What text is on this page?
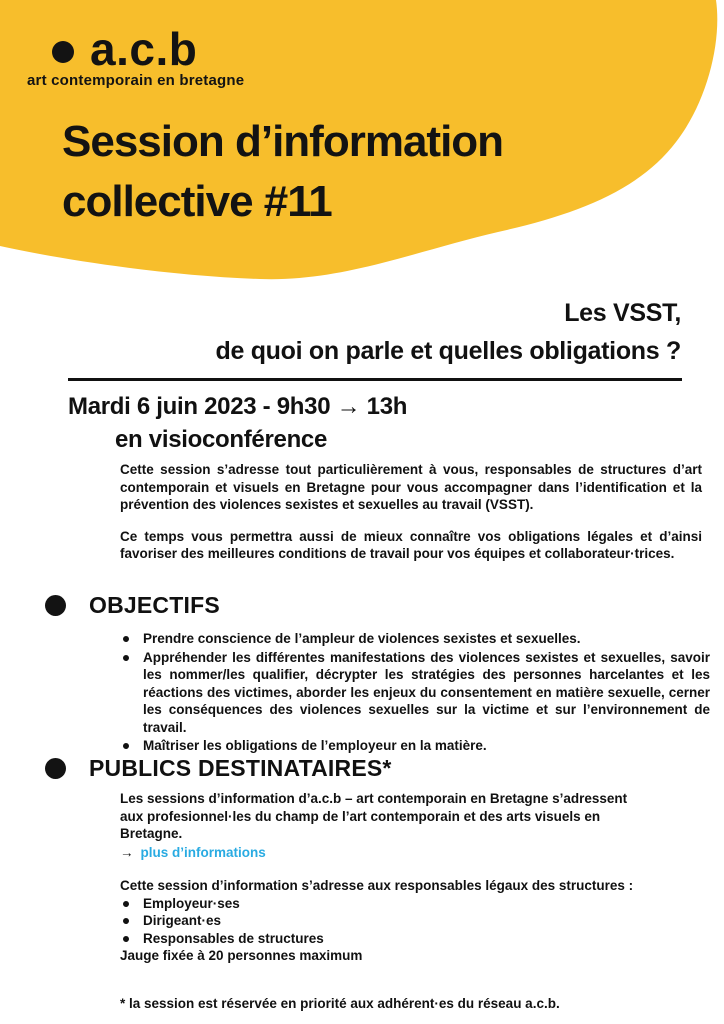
a.c.b
art contemporain en bretagne
Session d’information
collective #11
Les VSST,
de quoi on parle et quelles obligations ?
Mardi 6 juin 2023 - 9h30 → 13h
en visioconférence

Cette session s’adresse tout particulièrement à vous, responsables de structures d’art contemporain et visuels en Bretagne pour vous accompagner dans l’identification et la prévention des violences sexistes et sexuelles au travail (VSST).

Ce temps vous permettra aussi de mieux connaître vos obligations légales et d’ainsi favoriser des meilleures conditions de travail pour vos équipes et collaborateur·trices.

OBJECTIFS
Prendre conscience de l’ampleur de violences sexistes et sexuelles.
Appréhender les différentes manifestations des violences sexistes et sexuelles, savoir les nommer/les qualifier, décrypter les stratégies des personnes harcelantes et les réactions des victimes, aborder les enjeux du consentement en matière sexuelle, cerner les conséquences des violences sexuelles sur la victime et sur l’environnement de travail.
Maîtriser les obligations de l’employeur en la matière.
PUBLICS DESTINATAIRES*
Les sessions d’information d’a.c.b – art contemporain en Bretagne s’adressent aux profesionnel·les du champ de l’art contemporain et des arts visuels en Bretagne.
→ plus d’informations
Cette session d’information s’adresse aux responsables légaux des structures :
Employeur·ses
Dirigeant·es
Responsables de structures
Jauge fixée à 20 personnes maximum
* la session est réservée en priorité aux adhérent·es du réseau a.c.b.
